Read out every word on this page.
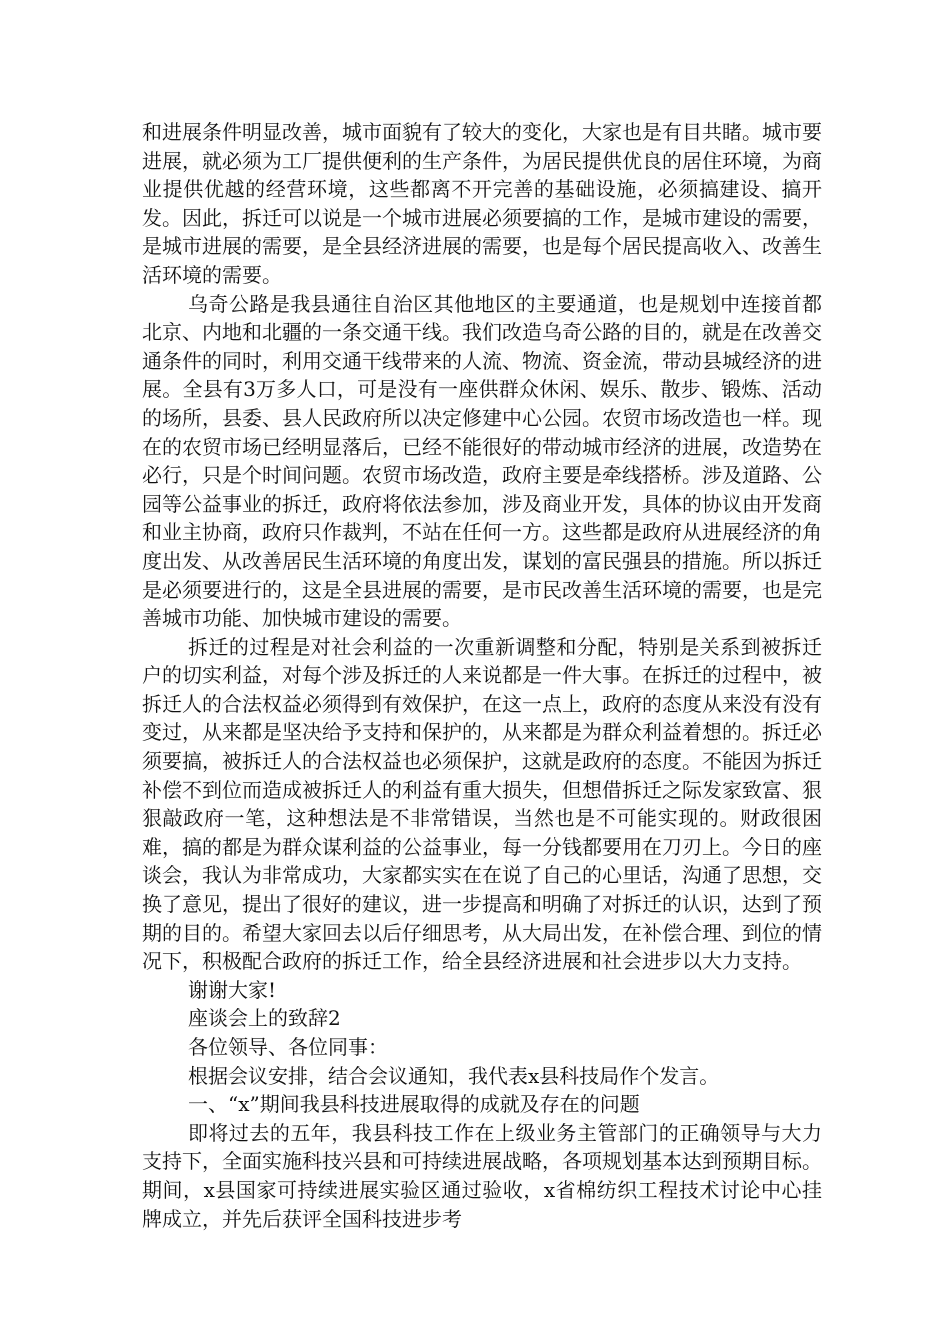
和进展条件明显改善，城市面貌有了较大的变化，大家也是有目共睹。城市要进展，就必须为工厂提供便利的生产条件，为居民提供优良的居住环境，为商业提供优越的经营环境，这些都离不开完善的基础设施，必须搞建设、搞开发。因此，拆迁可以说是一个城市进展必须要搞的工作，是城市建设的需要，是城市进展的需要，是全县经济进展的需要，也是每个居民提高收入、改善生活环境的需要。

乌奇公路是我县通往自治区其他地区的主要通道，也是规划中连接首都北京、内地和北疆的一条交通干线。我们改造乌奇公路的目的，就是在改善交通条件的同时，利用交通干线带来的人流、物流、资金流，带动县城经济的进展。全县有3万多人口，可是没有一座供群众休闲、娱乐、散步、锻炼、活动的场所，县委、县人民政府所以决定修建中心公园。农贸市场改造也一样。现在的农贸市场已经明显落后，已经不能很好的带动城市经济的进展，改造势在必行，只是个时间问题。农贸市场改造，政府主要是牵线搭桥。涉及道路、公园等公益事业的拆迁，政府将依法参加，涉及商业开发，具体的协议由开发商和业主协商，政府只作裁判，不站在任何一方。这些都是政府从进展经济的角度出发、从改善居民生活环境的角度出发，谋划的富民强县的措施。所以拆迁是必须要进行的，这是全县进展的需要，是市民改善生活环境的需要，也是完善城市功能、加快城市建设的需要。

拆迁的过程是对社会利益的一次重新调整和分配，特别是关系到被拆迁户的切实利益，对每个涉及拆迁的人来说都是一件大事。在拆迁的过程中，被拆迁人的合法权益必须得到有效保护，在这一点上，政府的态度从来没有没有变过，从来都是坚决给予支持和保护的，从来都是为群众利益着想的。拆迁必须要搞，被拆迁人的合法权益也必须保护，这就是政府的态度。不能因为拆迁补偿不到位而造成被拆迁人的利益有重大损失，但想借拆迁之际发家致富、狠狠敲政府一笔，这种想法是不非常错误，当然也是不可能实现的。财政很困难，搞的都是为群众谋利益的公益事业，每一分钱都要用在刀刃上。今日的座谈会，我认为非常成功，大家都实实在在说了自己的心里话，沟通了思想，交换了意见，提出了很好的建议，进一步提高和明确了对拆迁的认识，达到了预期的目的。希望大家回去以后仔细思考，从大局出发，在补偿合理、到位的情况下，积极配合政府的拆迁工作，给全县经济进展和社会进步以大力支持。

谢谢大家!

座谈会上的致辞2

各位领导、各位同事：

根据会议安排，结合会议通知，我代表x县科技局作个发言。

一、“x”期间我县科技进展取得的成就及存在的问题

即将过去的五年，我县科技工作在上级业务主管部门的正确领导与大力支持下，全面实施科技兴县和可持续进展战略，各项规划基本达到预期目标。期间，x县国家可持续进展实验区通过验收，x省棉纺织工程技术讨论中心挂牌成立，并先后获评全国科技进步考
